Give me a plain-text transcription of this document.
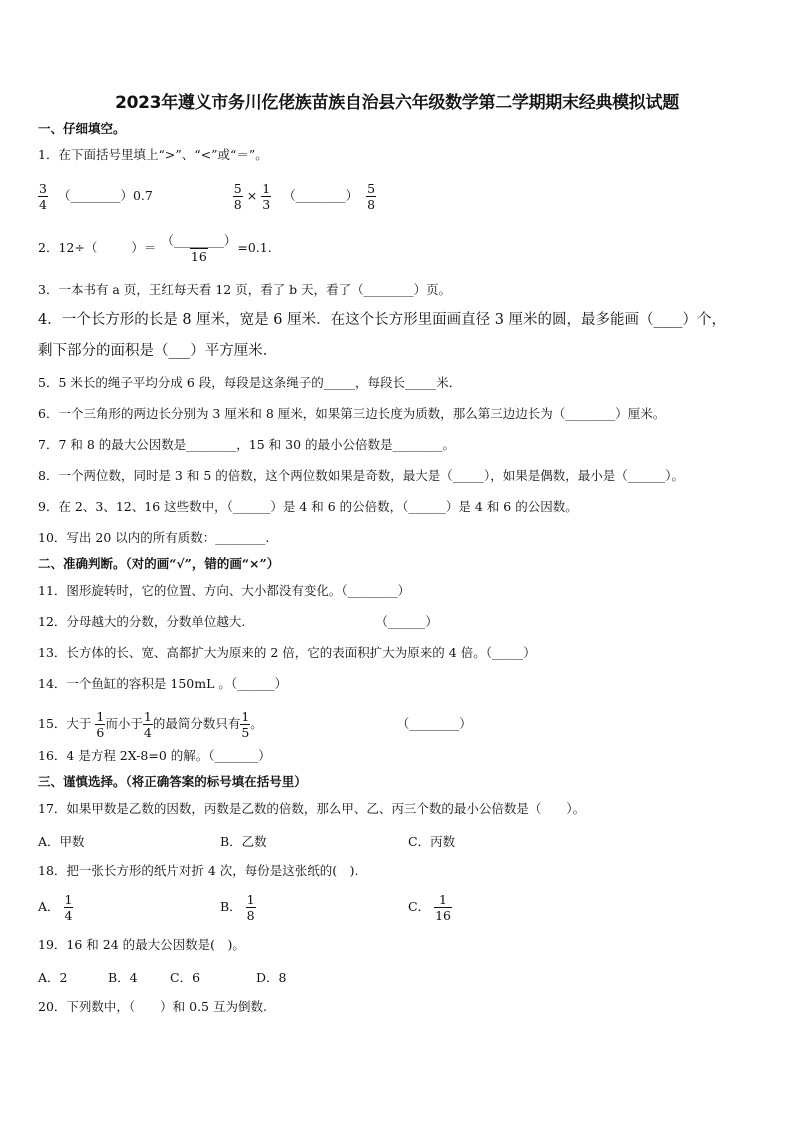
2023年遵义市务川仡佬族苗族自治县六年级数学第二学期期末经典模拟试题
一、仔细填空。
1．在下面括号里填上“>”、“<”或“＝”。
$\frac{3}{4}$ （________）0.7	$\frac{5}{8} \times \frac{1}{3}$ （________） $\frac{5}{8}$
2．12÷（	）＝ $\frac{(\_\_\_\_\_\_\_\_)}{16} =0.1$.
3．一本书有 a 页，王红每天看 12 页，看了 b 天，看了（________）页。
4．一个长方形的长是 8 厘米，宽是 6 厘米．在这个长方形里面画直径 3 厘米的圆，最多能画（____）个，
剩下部分的面积是（___）平方厘米．
5．5 米长的绳子平均分成 6 段，每段是这条绳子的_____，每段长_____米．
6．一个三角形的两边长分别为 3 厘米和 8 厘米，如果第三边长度为质数，那么第三边边长为（________）厘米。
7．7 和 8 的最大公因数是________，15 和 30 的最小公倍数是________。
8．一个两位数，同时是 3 和 5 的倍数，这个两位数如果是奇数，最大是（_____），如果是偶数，最小是（______）。
9．在 2、3、12、16 这些数中，（______）是 4 和 6 的公倍数，（______）是 4 和 6 的公因数。
10．写出 20 以内的所有质数：________.
二、准确判断。（对的画“√”，错的画“×”）
11．图形旋转时，它的位置、方向、大小都没有变化。（________）
12．分母越大的分数，分数单位越大.	（______）
13．长方体的长、宽、高都扩大为原来的 2 倍，它的表面积扩大为原来的 4 倍。（_____）
14．一个鱼缸的容积是 150mL 。（______）
15．大于 $\frac{1}{6}$ 而小于 $\frac{1}{4}$ 的最简分数只有 $\frac{1}{5}$ 。	（________）
16．4 是方程 2X-8=0 的解。（_______）
三、谨慎选择。（将正确答案的标号填在括号里）
17．如果甲数是乙数的因数，丙数是乙数的倍数，那么甲、乙、丙三个数的最小公倍数是（　　）。
A．甲数	B．乙数	C．丙数
18．把一张长方形的纸片对折 4 次，每份是这张纸的(　).
A． $\frac{1}{4}$	B． $\frac{1}{8}$	C． $\frac{1}{16}$
19．16 和 24 的最大公因数是(　)。
A．2	B．4	C．6	D．8
20．下列数中，（　　）和 0.5 互为倒数.
